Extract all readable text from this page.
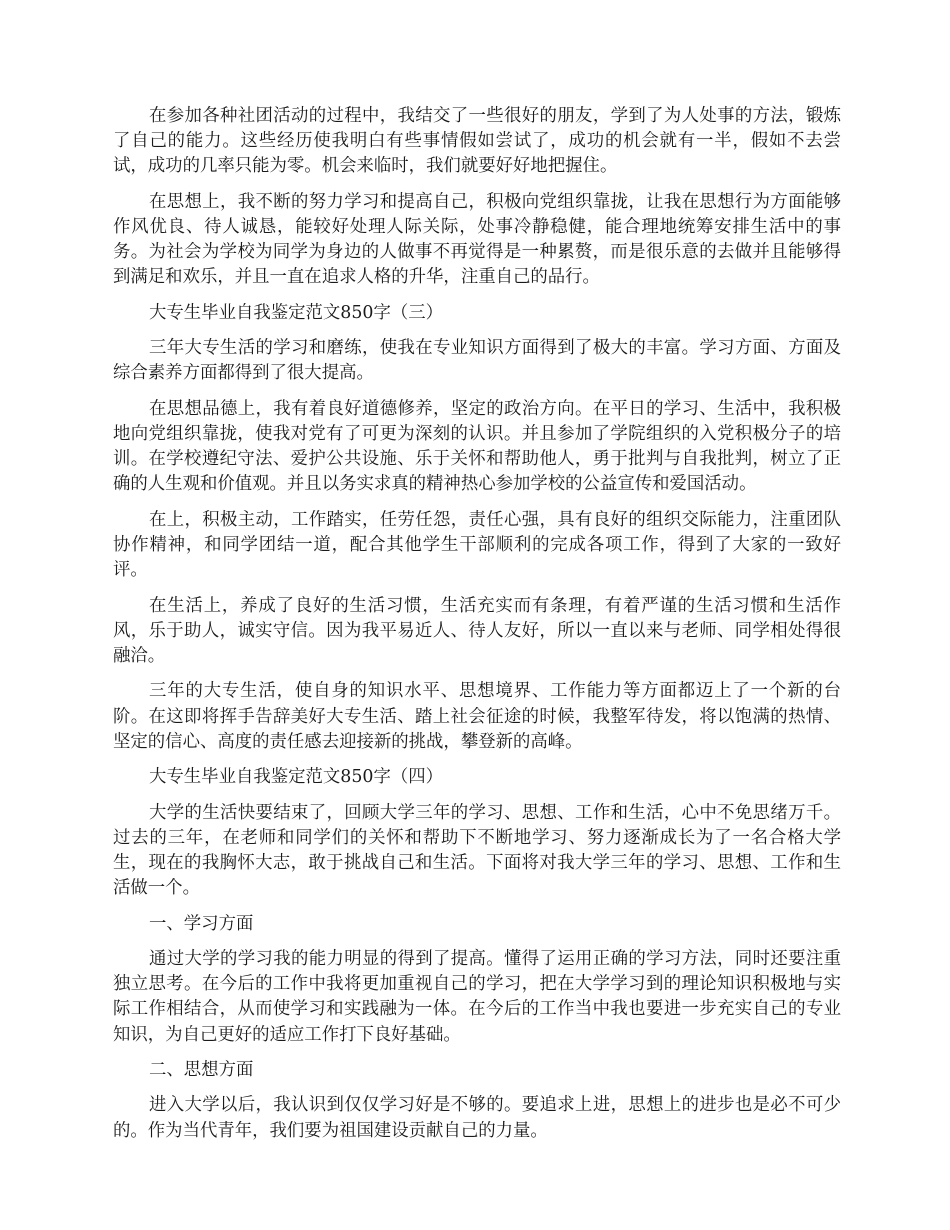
在参加各种社团活动的过程中，我结交了一些很好的朋友，学到了为人处事的方法，锻炼了自己的能力。这些经历使我明白有些事情假如尝试了，成功的机会就有一半，假如不去尝试，成功的几率只能为零。机会来临时，我们就要好好地把握住。

在思想上，我不断的努力学习和提高自己，积极向党组织靠拢，让我在思想行为方面能够作风优良、待人诚恳，能较好处理人际关际，处事冷静稳健，能合理地统筹安排生活中的事务。为社会为学校为同学为身边的人做事不再觉得是一种累赘，而是很乐意的去做并且能够得到满足和欢乐，并且一直在追求人格的升华，注重自己的品行。

大专生毕业自我鉴定范文850字（三）

三年大专生活的学习和磨练，使我在专业知识方面得到了极大的丰富。学习方面、方面及综合素养方面都得到了很大提高。

在思想品德上，我有着良好道德修养，坚定的政治方向。在平日的学习、生活中，我积极地向党组织靠拢，使我对党有了可更为深刻的认识。并且参加了学院组织的入党积极分子的培训。在学校遵纪守法、爱护公共设施、乐于关怀和帮助他人，勇于批判与自我批判，树立了正确的人生观和价值观。并且以务实求真的精神热心参加学校的公益宣传和爱国活动。

在上，积极主动，工作踏实，任劳任怨，责任心强，具有良好的组织交际能力，注重团队协作精神，和同学团结一道，配合其他学生干部顺利的完成各项工作，得到了大家的一致好评。

在生活上，养成了良好的生活习惯，生活充实而有条理，有着严谨的生活习惯和生活作风，乐于助人，诚实守信。因为我平易近人、待人友好，所以一直以来与老师、同学相处得很融洽。

三年的大专生活，使自身的知识水平、思想境界、工作能力等方面都迈上了一个新的台阶。在这即将挥手告辞美好大专生活、踏上社会征途的时候，我整军待发，将以饱满的热情、坚定的信心、高度的责任感去迎接新的挑战，攀登新的高峰。

大专生毕业自我鉴定范文850字（四）

大学的生活快要结束了，回顾大学三年的学习、思想、工作和生活，心中不免思绪万千。过去的三年，在老师和同学们的关怀和帮助下不断地学习、努力逐渐成长为了一名合格大学生，现在的我胸怀大志，敢于挑战自己和生活。下面将对我大学三年的学习、思想、工作和生活做一个。

一、学习方面

通过大学的学习我的能力明显的得到了提高。懂得了运用正确的学习方法，同时还要注重独立思考。在今后的工作中我将更加重视自己的学习，把在大学学习到的理论知识积极地与实际工作相结合，从而使学习和实践融为一体。在今后的工作当中我也要进一步充实自己的专业知识，为自己更好的适应工作打下良好基础。

二、思想方面

进入大学以后，我认识到仅仅学习好是不够的。要追求上进，思想上的进步也是必不可少的。作为当代青年，我们要为祖国建设贡献自己的力量。
